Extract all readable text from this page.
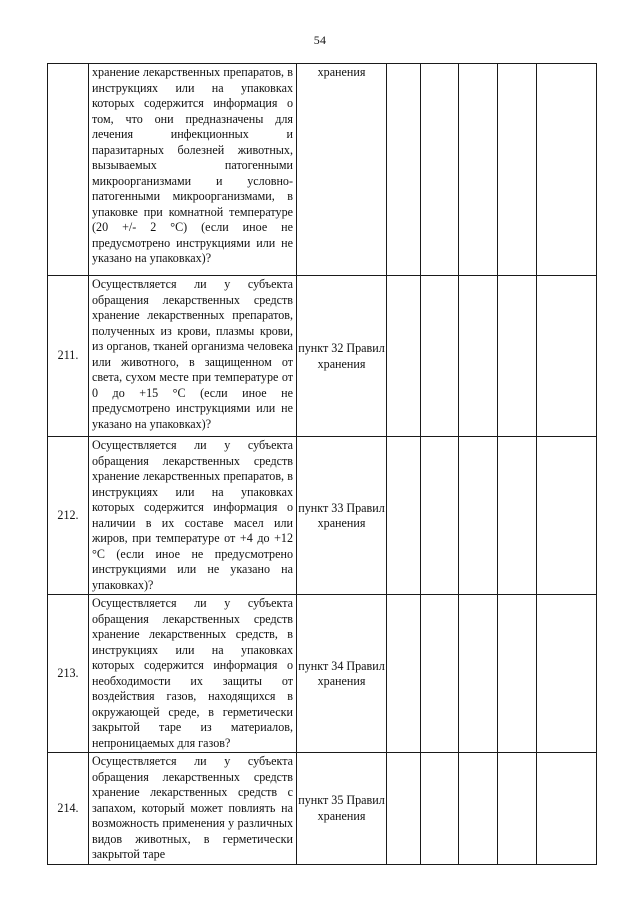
54

	хранение лекарственных препаратов, в инструкциях или на упаковках которых содержится информация о том, что они предназначены для лечения инфекционных и паразитарных болезней животных, вызываемых патогенными микроорганизмами и условно-патогенными микроорганизмами, в упаковке при комнатной температуре (20 +/- 2 °С) (если иное не предусмотрено инструкциями или не указано на упаковках)?	хранения					
211.	Осуществляется ли у субъекта обращения лекарственных средств хранение лекарственных препаратов, полученных из крови, плазмы крови, из органов, тканей организма человека или животного, в защищенном от света, сухом месте при температуре от 0 до +15 °С (если иное не предусмотрено инструкциями или не указано на упаковках)?	пункт 32 Правил хранения					
212.	Осуществляется ли у субъекта обращения лекарственных средств хранение лекарственных препаратов, в инструкциях или на упаковках которых содержится информация о наличии в их составе масел или жиров, при температуре от +4 до +12 °С (если иное не предусмотрено инструкциями или не указано на упаковках)?	пункт 33 Правил хранения					
213.	Осуществляется ли у субъекта обращения лекарственных средств хранение лекарственных средств, в инструкциях или на упаковках которых содержится информация о необходимости их защиты от воздействия газов, находящихся в окружающей среде, в герметически закрытой таре из материалов, непроницаемых для газов?	пункт 34 Правил хранения					
214.	Осуществляется ли у субъекта обращения лекарственных средств хранение лекарственных средств с запахом, который может повлиять на возможность применения у различных видов животных, в герметически закрытой таре	пункт 35 Правил хранения					
